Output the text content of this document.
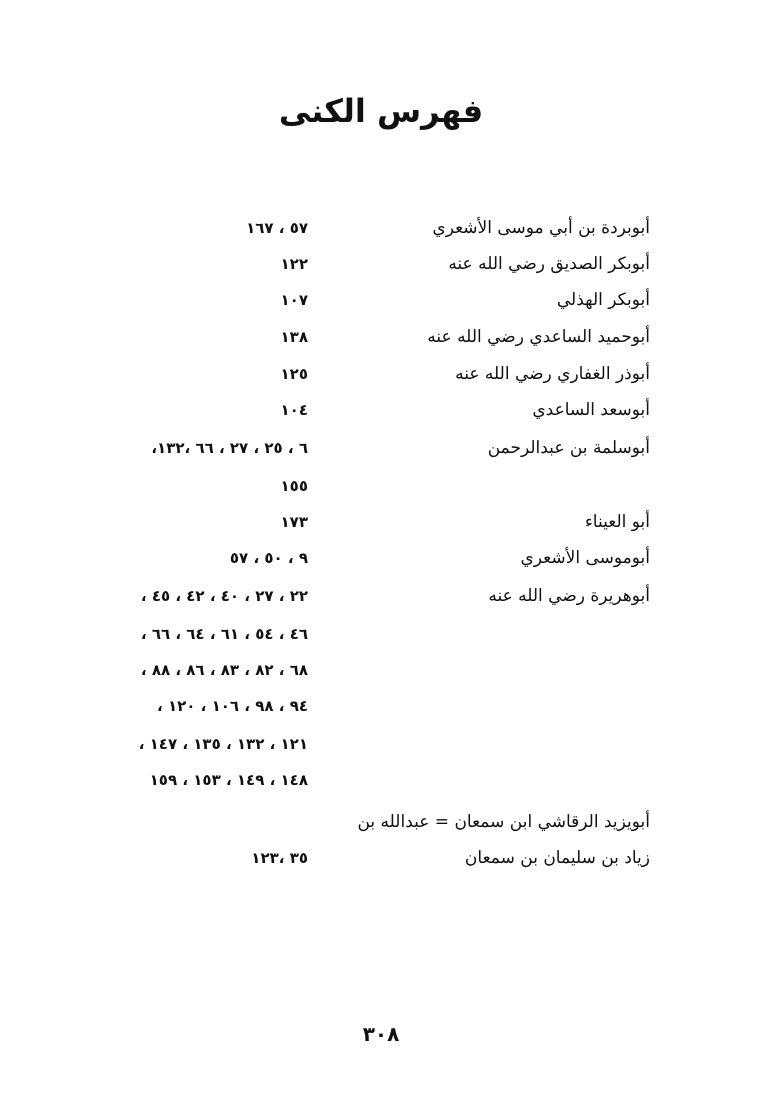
فهرس الكنى
أبوبردة بن أبي موسى الأشعري
٥٧ ، ١٦٧
أبوبكر الصديق رضي الله عنه
١٢٢
أبوبكر الهذلي
١٠٧
أبوحميد الساعدي رضي الله عنه
١٣٨
أبوذر الغفاري رضي الله عنه
١٢٥
أبوسعد الساعدي
١٠٤
أبوسلمة بن عبدالرحمن
٦ ، ٢٥ ، ٢٧ ، ٦٦ ،١٣٢،
١٥٥
أبو العيناء
١٧٣
أبوموسى الأشعري
٩ ، ٥٠ ، ٥٧
أبوهريرة رضي الله عنه
٢٢ ، ٢٧ ، ٤٠ ، ٤٢ ، ٤٥ ،
٤٦ ، ٥٤ ، ٦١ ، ٦٤ ، ٦٦ ،
٦٨ ، ٨٢ ، ٨٣ ، ٨٦ ، ٨٨ ،
٩٤ ، ٩٨ ، ١٠٦ ، ١٢٠ ،
١٢١ ، ١٣٢ ، ١٣٥ ، ١٤٧ ،
١٤٨ ، ١٤٩ ، ١٥٣ ، ١٥٩
أبويزيد الرقاشي ابن سمعان = عبدالله بن
زياد بن سليمان بن سمعان
٣٥ ،١٢٣
٣٠٨
